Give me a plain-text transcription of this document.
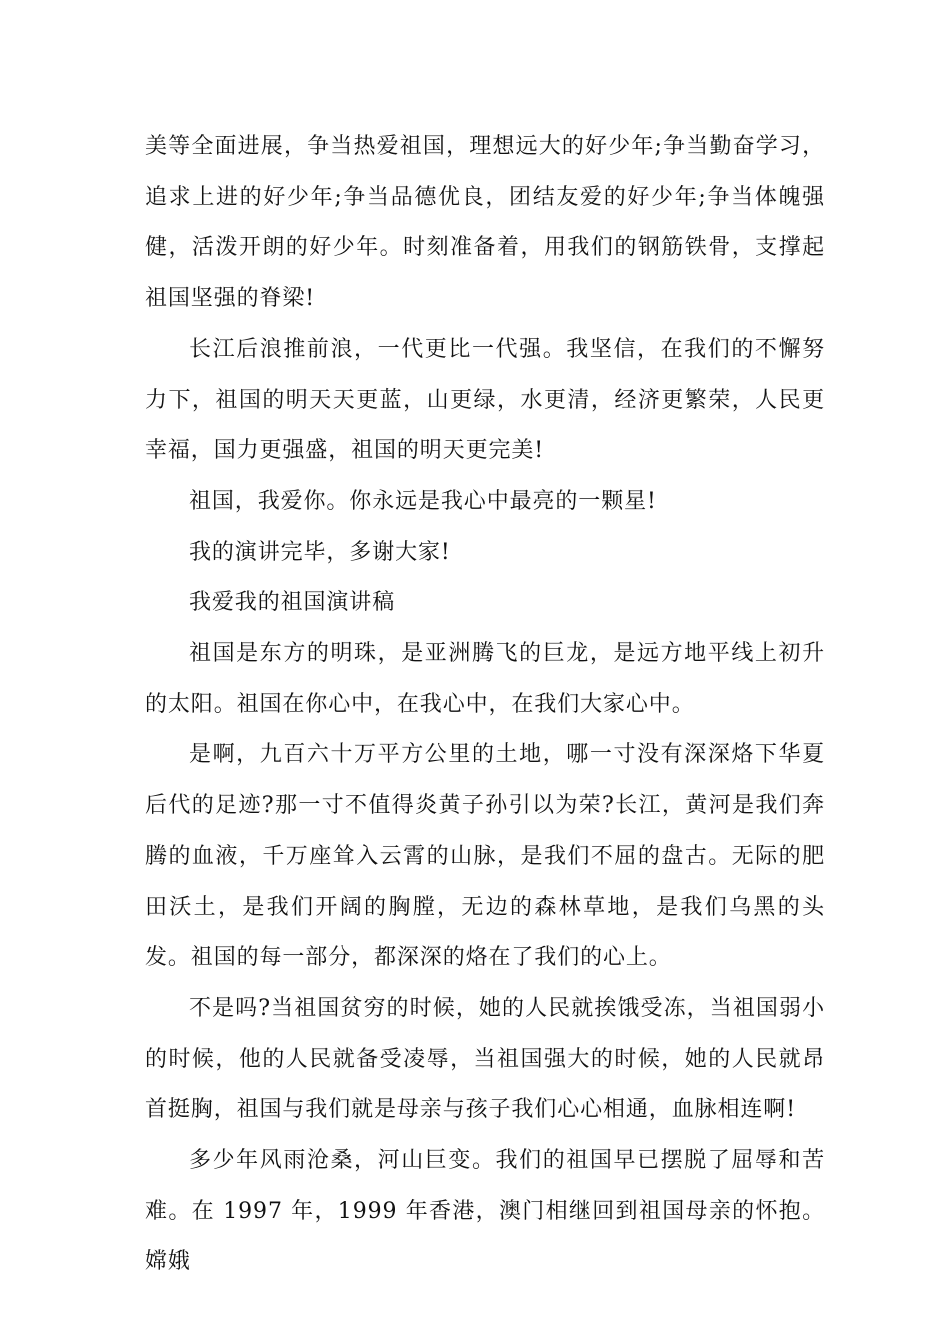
美等全面进展，争当热爱祖国，理想远大的好少年;争当勤奋学习，追求上进的好少年;争当品德优良，团结友爱的好少年;争当体魄强健，活泼开朗的好少年。时刻准备着，用我们的钢筋铁骨，支撑起祖国坚强的脊梁!

长江后浪推前浪，一代更比一代强。我坚信，在我们的不懈努力下，祖国的明天天更蓝，山更绿，水更清，经济更繁荣，人民更幸福，国力更强盛，祖国的明天更完美!

祖国，我爱你。你永远是我心中最亮的一颗星!

我的演讲完毕，多谢大家!

我爱我的祖国演讲稿

祖国是东方的明珠，是亚洲腾飞的巨龙，是远方地平线上初升的太阳。祖国在你心中，在我心中，在我们大家心中。

是啊，九百六十万平方公里的土地，哪一寸没有深深烙下华夏后代的足迹?那一寸不值得炎黄子孙引以为荣?长江，黄河是我们奔腾的血液，千万座耸入云霄的山脉，是我们不屈的盘古。无际的肥田沃土，是我们开阔的胸膛，无边的森林草地，是我们乌黑的头发。祖国的每一部分，都深深的烙在了我们的心上。

不是吗?当祖国贫穷的时候，她的人民就挨饿受冻，当祖国弱小的时候，他的人民就备受凌辱，当祖国强大的时候，她的人民就昂首挺胸，祖国与我们就是母亲与孩子我们心心相通，血脉相连啊!

多少年风雨沧桑，河山巨变。我们的祖国早已摆脱了屈辱和苦难。在 1997 年，1999 年香港，澳门相继回到祖国母亲的怀抱。嫦娥
